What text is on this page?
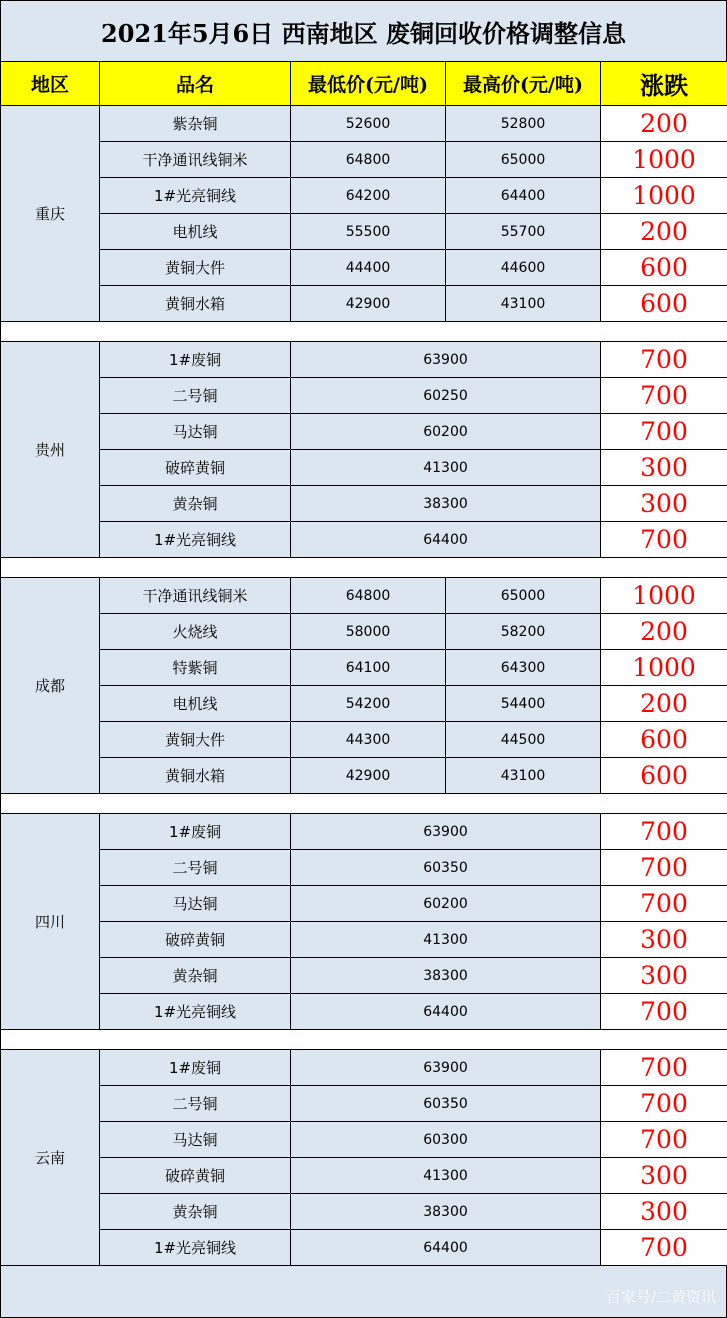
2021年5月6日 西南地区 废铜回收价格调整信息
地区	品名	最低价(元/吨)	最高价(元/吨)	涨跌
重庆	紫杂铜	52600	52800	200
	干净通讯线铜米	64800	65000	1000
	1#光亮铜线	64200	64400	1000
	电机线	55500	55700	200
	黄铜大件	44400	44600	600
	黄铜水箱	42900	43100	600

贵州	1#废铜	63900		700
	二号铜	60250		700
	马达铜	60200		700
	破碎黄铜	41300		300
	黄杂铜	38300		300
	1#光亮铜线	64400		700

成都	干净通讯线铜米	64800	65000	1000
	火烧线	58000	58200	200
	特紫铜	64100	64300	1000
	电机线	54200	54400	200
	黄铜大件	44300	44500	600
	黄铜水箱	42900	43100	600

四川	1#废铜	63900		700
	二号铜	60350		700
	马达铜	60200		700
	破碎黄铜	41300		300
	黄杂铜	38300		300
	1#光亮铜线	64400		700

云南	1#废铜	63900		700
	二号铜	60350		700
	马达铜	60300		700
	破碎黄铜	41300		300
	黄杂铜	38300		300
	1#光亮铜线	64400		700
百家号/二黄资讯
